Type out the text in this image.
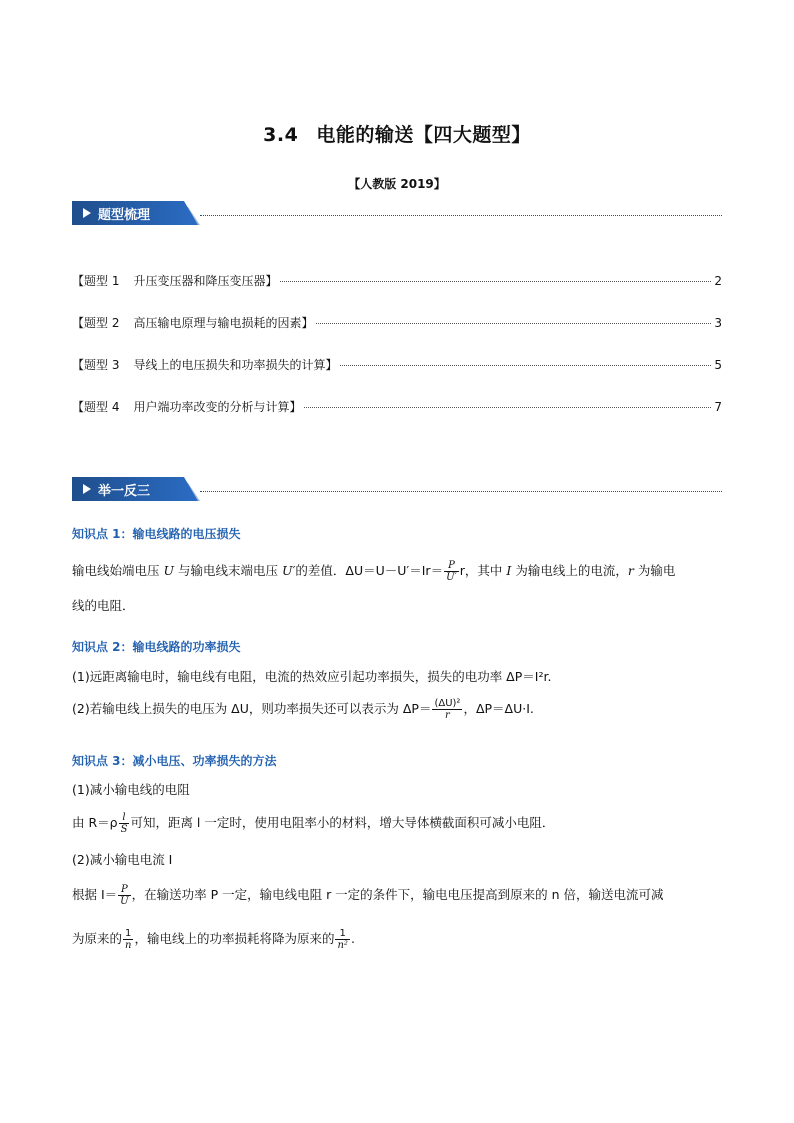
3.4 电能的输送【四大题型】
【人教版 2019】
题型梳理
【题型 1 升压变压器和降压变压器】	2
【题型 2 高压输电原理与输电损耗的因素】	3
【题型 3 导线上的电压损失和功率损失的计算】	5
【题型 4 用户端功率改变的分析与计算】	7
举一反三
知识点 1：输电线路的电压损失
输电线始端电压 U 与输电线末端电压 U′的差值．$\Delta U=U-U'=Ir= \frac{P}{U'}$ r，其中 I 为输电线上的电流，r 为输电
线的电阻．
知识点 2：输电线路的功率损失
(1)远距离输电时，输电线有电阻，电流的热效应引起功率损失，损失的电功率 ΔP＝I²r.
(2)若输电线上损失的电压为 ΔU，则功率损失还可以表示为 $\Delta P= \frac{\text{(ΔU)²}}{r}$ ，ΔP＝ΔU·I.
知识点 3：减小电压、功率损失的方法
(1)减小输电线的电阻
由 $R=\rho \frac{l}{S}$ 可知，距离 l 一定时，使用电阻率小的材料，增大导体横截面积可减小电阻．
(2)减小输电电流 I
根据 $I= \frac{P}{U}$ ，在输送功率 P 一定，输电线电阻 r 一定的条件下，输电电压提高到原来的 n 倍，输送电流可减
为原来的 $\frac{1}{n}$ ，输电线上的功率损耗将降为原来的 $\frac{1}{\text{n²}}$ .
